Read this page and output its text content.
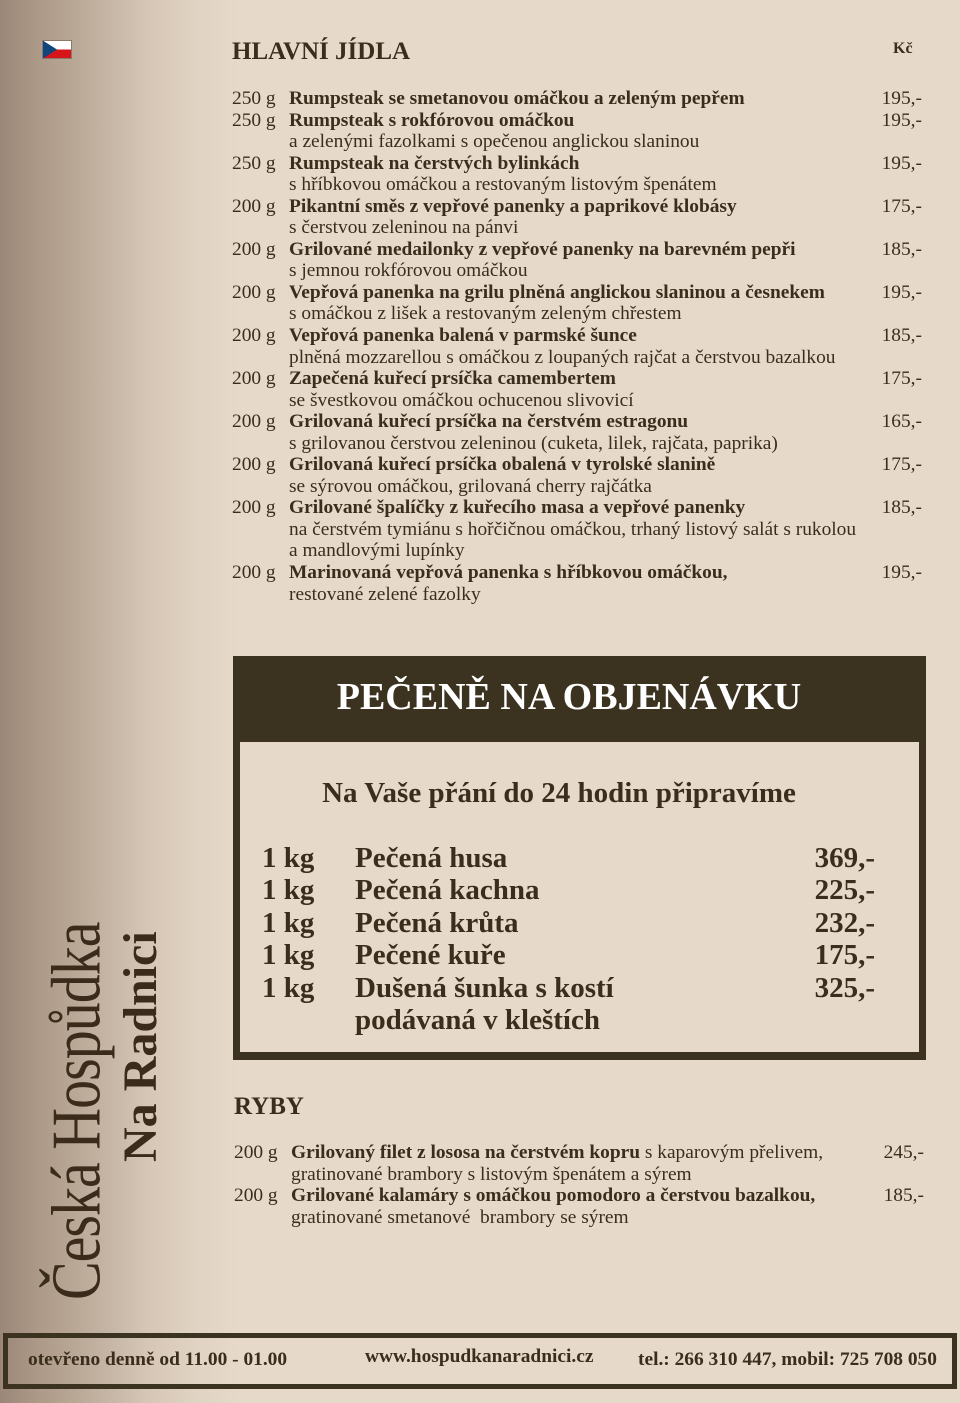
HLAVNÍ JÍDLA	Kč
250 g Rumpsteak se smetanovou omáčkou a zeleným pepřem	195,-
250 g Rumpsteak s rokfórovou omáčkou	195,-
a zelenými fazolkami s opečenou anglickou slaninou
250 g Rumpsteak na čerstvých bylinkách	195,-
s hříbkovou omáčkou a restovaným listovým špenátem
200 g Pikantní směs z vepřové panenky a paprikové klobásy	175,-
s čerstvou zeleninou na pánvi
200 g Grilované medailonky z vepřové panenky na barevném pepři	185,-
s jemnou rokfórovou omáčkou
200 g Vepřová panenka na grilu plněná anglickou slaninou a česnekem	195,-
s omáčkou z lišek a restovaným zeleným chřestem
200 g Vepřová panenka balená v parmské šunce	185,-
plněná mozzarellou s omáčkou z loupaných rajčat a čerstvou bazalkou
200 g Zapečená kuřecí prsíčka camembertem	175,-
se švestkovou omáčkou ochucenou slivovicí
200 g Grilovaná kuřecí prsíčka na čerstvém estragonu	165,-
s grilovanou čerstvou zeleninou (cuketa, lilek, rajčata, paprika)
200 g Grilovaná kuřecí prsíčka obalená v tyrolské slanině	175,-
se sýrovou omáčkou, grilovaná cherry rajčátka
200 g Grilované špalíčky z kuřecího masa a vepřové panenky	185,-
na čerstvém tymiánu s hořčičnou omáčkou, trhaný listový salát s rukolou
a mandlovými lupínky
200 g Marinovaná vepřová panenka s hříbkovou omáčkou,	195,-
restované zelené fazolky
PEČENĚ NA OBJENÁVKU
Na Vaše přání do 24 hodin připravíme
1 kg	Pečená husa	369,-
1 kg	Pečená kachna	225,-
1 kg	Pečená krůta	232,-
1 kg	Pečené kuře	175,-
1 kg	Dušená šunka s kostí	325,-
podávaná v kleštích
RYBY
200 g Grilovaný filet z lososa na čerstvém kopru s kaparovým přelivem,	245,-
gratinované brambory s listovým špenátem a sýrem
200 g Grilované kalamáry s omáčkou pomodoro a čerstvou bazalkou,	185,-
gratinované smetanové  brambory se sýrem
Česká Hospůdka
Na Radnici
otevřeno denně od 11.00 - 01.00	www.hospudkanaradnici.cz tel.: 266 310 447, mobil: 725 708 050
